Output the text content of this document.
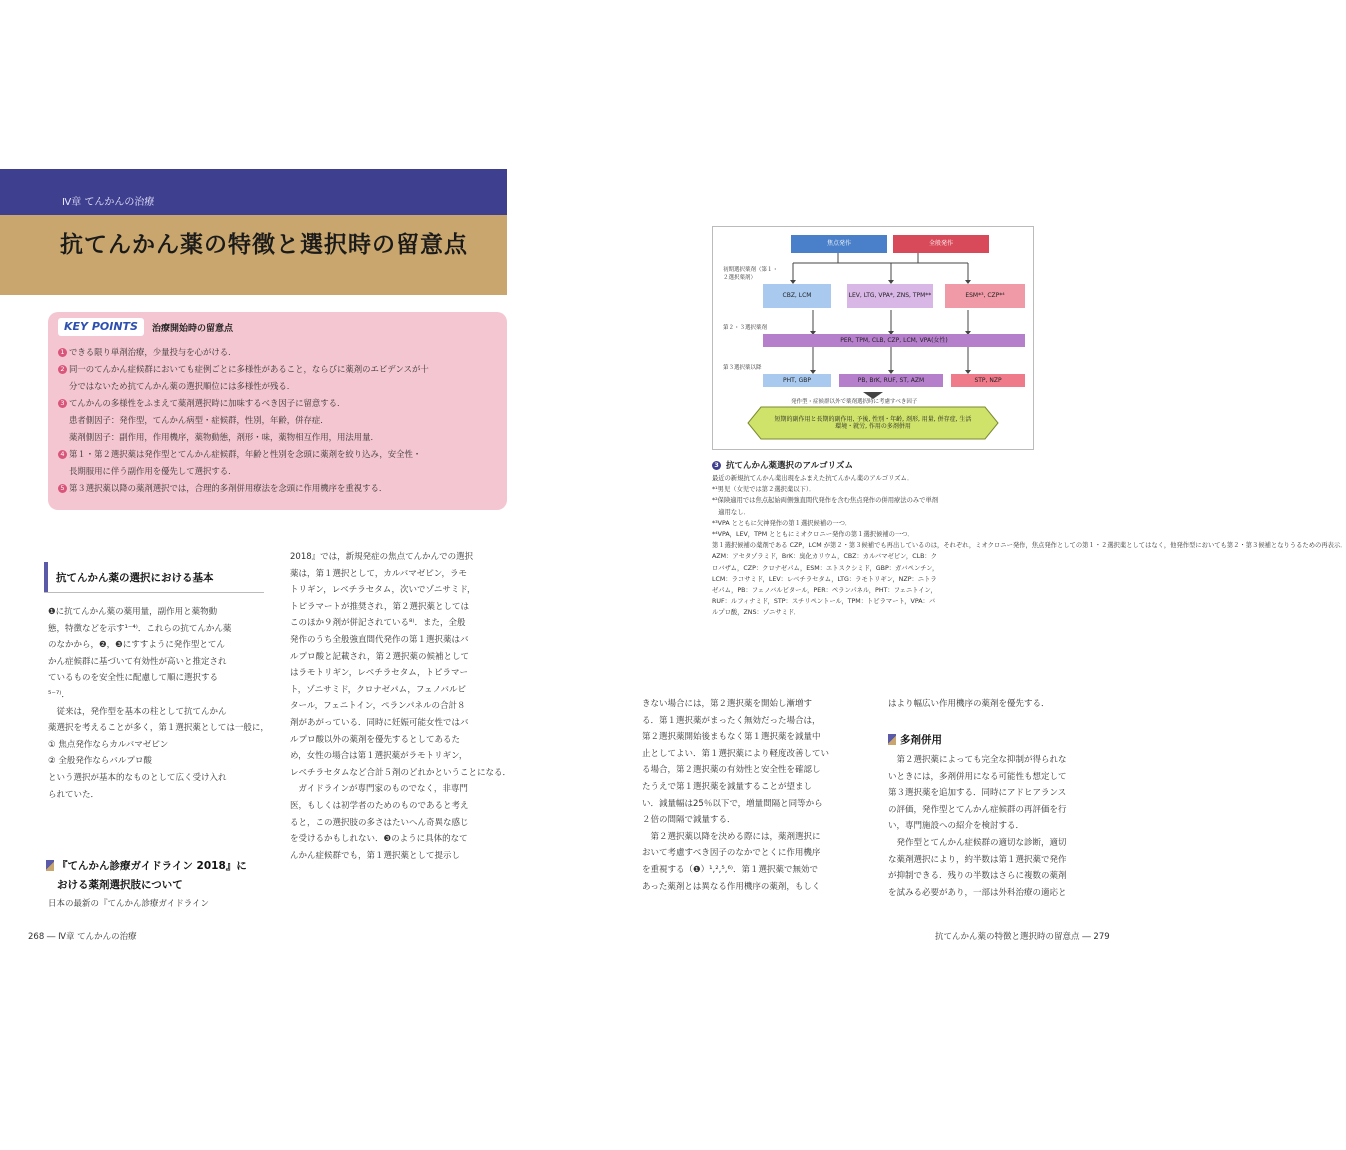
Ⅳ章 てんかんの治療
抗てんかん薬の特徴と選択時の留意点
KEY POINTS	治療開始時の留意点
1 できる限り単剤治療，少量投与を心がける．
2 同一のてんかん症候群においても症例ごとに多様性があること，ならびに薬剤のエビデンスが十
分ではないため抗てんかん薬の選択順位には多様性が残る．
3 てんかんの多様性をふまえて薬剤選択時に加味するべき因子に留意する．
患者側因子：発作型，てんかん病型・症候群，性別，年齢，併存症．
薬剤側因子：副作用，作用機序，薬物動態，剤形・味，薬物相互作用，用法用量．
4 第１・第２選択薬は発作型とてんかん症候群，年齢と性別を念頭に薬剤を絞り込み，安全性・
長期服用に伴う副作用を優先して選択する．
5 第３選択薬以降の薬剤選択では，合理的多剤併用療法を念頭に作用機序を重視する．
抗てんかん薬の選択における基本
❶に抗てんかん薬の薬用量，副作用と薬物動
態，特徴などを示す¹⁻⁴⁾．これらの抗てんかん薬
のなかから，❷，❸にすすように発作型とてん
かん症候群に基づいて有効性が高いと推定され
ているものを安全性に配慮して順に選択する
⁵⁻⁷⁾．
　従来は，発作型を基本の柱として抗てんかん
薬選択を考えることが多く，第１選択薬としては一般に，
① 焦点発作ならカルバマゼピン
② 全般発作ならバルプロ酸
という選択が基本的なものとして広く受け入れ
られていた．
『てんかん診療ガイドライン 2018』に
おける薬剤選択肢について
日本の最新の『てんかん診療ガイドライン
2018』では，新規発症の焦点てんかんでの選択
薬は，第１選択として，カルバマゼピン，ラモ
トリギン，レベチラセタム，次いでゾニサミド，
トピラマートが推奨され，第２選択薬としては
このほか９剤が併記されている⁸⁾．また，全般
発作のうち全般強直間代発作の第１選択薬はバ
ルプロ酸と記載され，第２選択薬の候補として
はラモトリギン，レベチラセタム，トピラマー
ト，ゾニサミド，クロナゼパム，フェノバルビ
タール，フェニトイン，ペランパネルの合計８
剤があがっている．同時に妊娠可能女性ではバ
ルプロ酸以外の薬剤を優先するとしてあるた
め，女性の場合は第１選択薬がラモトリギン，
レベチラセタムなど合計５剤のどれかということになる．
　ガイドラインが専門家のものでなく，非専門
医，もしくは初学者のためのものであると考え
ると，この選択肢の多さはたいへん奇異な感じ
を受けるかもしれない．❸のように具体的なて
んかん症候群でも，第１選択薬として提示し
268 ― Ⅳ章 てんかんの治療
焦点発作	全般発作
初期選択薬剤（第１・２選択薬剤）
CBZ, LCM	LEV, LTG, VPA*, ZNS, TPM**	ESM*³, CZP*⁴
第２・３選択薬剤
PER, TPM, CLB, CZP, LCM, VPA(女性)
第３選択薬以降
PHT, GBP	PB, BrK, RUF, ST, AZM	STP, NZP
発作型・症候群以外で薬剤選択時に考慮すべき因子
短期的副作用と長期的副作用, 予後, 性別・年齢, 剤形, 用量, 併存症, 生活環境・就労, 作用の多剤併用
3 抗てんかん薬選択のアルゴリズム
最近の新規抗てんかん薬出現をふまえた抗てんかん薬のアルゴリズム．
*¹男児（女児では第２選択薬以下）．
*²保険適用では焦点起始両側強直間代発作を含む焦点発作の併用療法のみで単剤
　適用なし．
*³VPA とともに欠神発作の第１選択候補の一つ．
*⁴VPA，LEV，TPM とともにミオクロニー発作の第１選択候補の一つ．
第１選択候補の薬剤である CZP，LCM が第２・第３候補でも再出しているのは，それぞれ，ミオクロニー発作，焦点発作としての第１・２選択薬としてはなく，他発作型においても第２・第３候補となりうるための再表示．
AZM：アセタゾラミド，BrK：臭化カリウム，CBZ：カルバマゼピン，CLB：ク
ロバザム，CZP：クロナゼパム，ESM：エトスクシミド，GBP：ガバペンチン，
LCM：ラコサミド，LEV：レベチラセタム，LTG：ラモトリギン，NZP：ニトラ
ゼパム，PB：フェノバルビタール，PER：ペランパネル，PHT：フェニトイン，
RUF：ルフィナミド，STP：スチリペントール，TPM：トピラマート，VPA：バ
ルプロ酸，ZNS：ゾニサミド．
きない場合には，第２選択薬を開始し漸増す
る．第１選択薬がまったく無効だった場合は，
第２選択薬開始後まもなく第１選択薬を減量中
止としてよい．第１選択薬により軽度改善してい
る場合，第２選択薬の有効性と安全性を確認し
たうえで第１選択薬を減量することが望まし
い．減量幅は25％以下で，増量間隔と同等から
２倍の間隔で減量する．
　第２選択薬以降を決める際には，薬剤選択に
おいて考慮すべき因子のなかでとくに作用機序
を重視する（❶）¹,²,⁵,⁶⁾．第１選択薬で無効で
あった薬剤とは異なる作用機序の薬剤，もしく
はより幅広い作用機序の薬剤を優先する．
多剤併用
　第２選択薬によっても完全な抑制が得られな
いときには，多剤併用になる可能性も想定して
第３選択薬を追加する．同時にアドヒアランス
の評価，発作型とてんかん症候群の再評価を行
い，専門施設への紹介を検討する．
　発作型とてんかん症候群の適切な診断，適切
な薬剤選択により，約半数は第１選択薬で発作
が抑制できる．残りの半数はさらに複数の薬剤
を試みる必要があり，一部は外科治療の適応と
抗てんかん薬の特徴と選択時の留意点 ― 279
